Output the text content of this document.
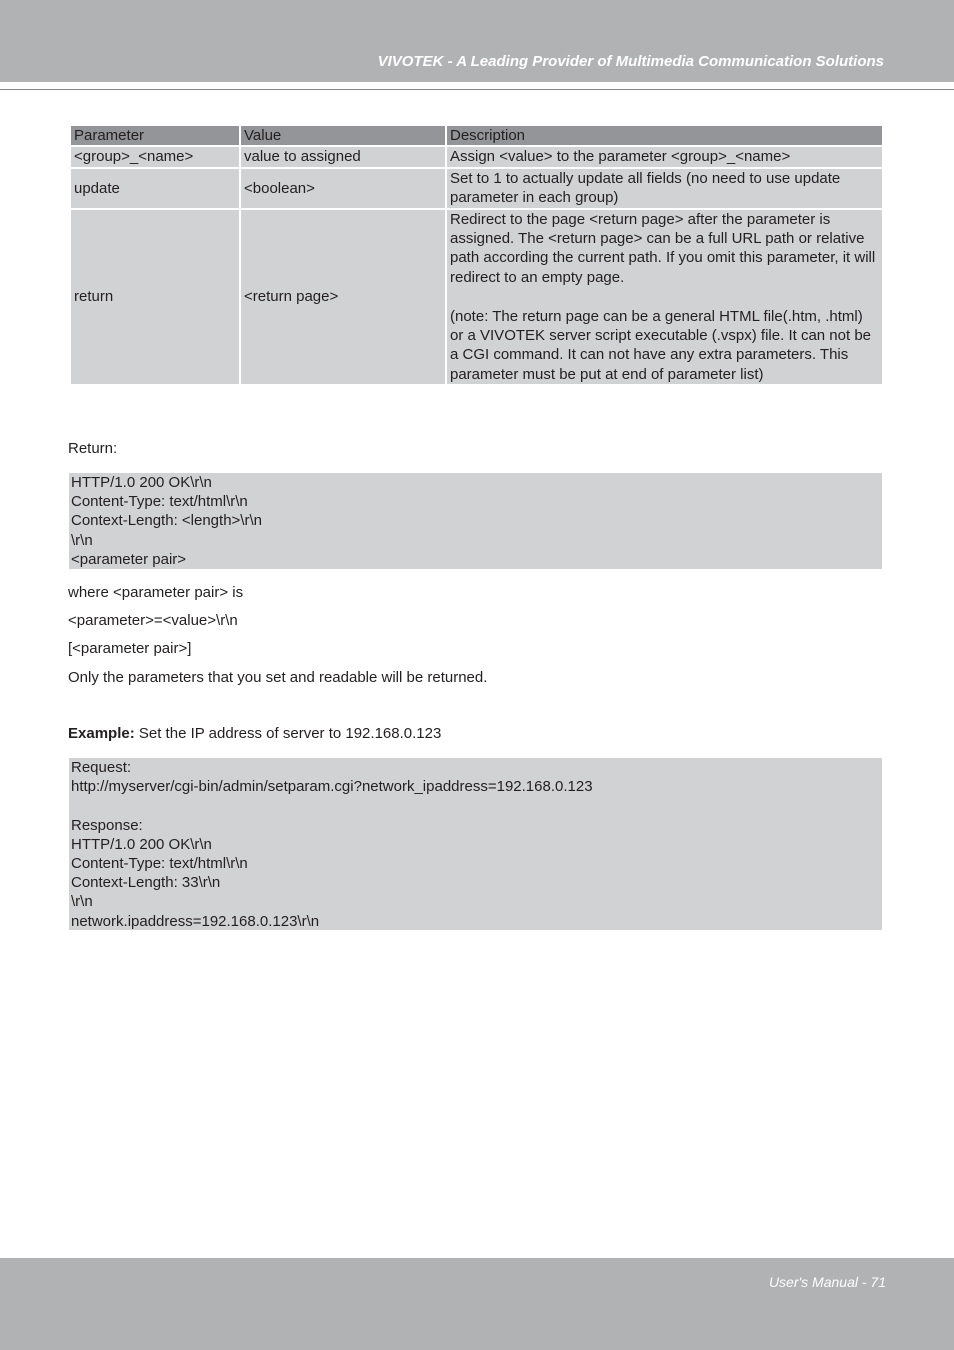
VIVOTEK - A Leading Provider of Multimedia Communication Solutions
Parameter	Value	Description
<group>_<name>	value to assigned	Assign <value> to the parameter <group>_<name>
update	<boolean>	Set to 1 to actually update all fields (no need to use update parameter in each group)
return	<return page>	Redirect to the page <return page> after the parameter is assigned. The <return page> can be a full URL path or relative path according the current path. If you omit this parameter, it will redirect to an empty page.
(note: The return page can be a general HTML file(.htm, .html) or a VIVOTEK server script executable (.vspx) file. It can not be a CGI command. It can not have any extra parameters. This parameter must be put at end of parameter list)
Return:
HTTP/1.0 200 OK\r\n
Content-Type: text/html\r\n
Context-Length: <length>\r\n
\r\n
<parameter pair>
where <parameter pair> is
<parameter>=<value>\r\n
[<parameter pair>]
Only the parameters that you set and readable will be returned.
Example: Set the IP address of server to 192.168.0.123
Request:
http://myserver/cgi-bin/admin/setparam.cgi?network_ipaddress=192.168.0.123

Response:
HTTP/1.0 200 OK\r\n
Content-Type: text/html\r\n
Context-Length: 33\r\n
\r\n
network.ipaddress=192.168.0.123\r\n
User's Manual - 71
